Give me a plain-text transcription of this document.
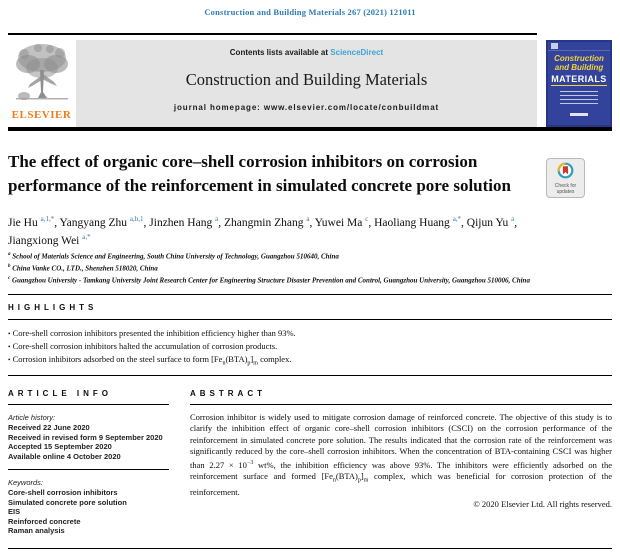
Construction and Building Materials 267 (2021) 121011
ELSEVIER
Contents lists available at ScienceDirect
Construction and Building Materials
journal homepage: www.elsevier.com/locate/conbuildmat
Construction
and Building
MATERIALS
The effect of organic core–shell corrosion inhibitors on corrosion performance of the reinforcement in simulated concrete pore solution	Check for
updates
Jie Hu $^{a,1,*}$, Yangyang Zhu $^{a,b,1}$, Jinzhen Hang $^a$, Zhangmin Zhang $^a$, Yuwei Ma $^c$, Haoliang Huang $^{a,*}$, Qijun Yu $^a$, Jiangxiong Wei $^{a,*}$
$^a$ School of Materials Science and Engineering, South China University of Technology, Guangzhou 510640, China
$^b$ China Vanke CO., LTD., Shenzhen 518020, China
$^c$ Guangzhou University - Tamkang University Joint Research Center for Engineering Structure Disaster Prevention and Control, Guangzhou University, Guangzhou 510006, China
HIGHLIGHTS
• Core-shell corrosion inhibitors presented the inhibition efficiency higher than 93%.
• Core-shell corrosion inhibitors halted the accumulation of corrosion products.
• Corrosion inhibitors adsorbed on the steel surface to form $[Fe_n(BTA)_p]_m$ complex.
ARTICLE INFO
Article history:
Received 22 June 2020
Received in revised form 9 September 2020
Accepted 15 September 2020
Available online 4 October 2020
Keywords:
Core-shell corrosion inhibitors
Simulated concrete pore solution
EIS
Reinforced concrete
Raman analysis
ABSTRACT
Corrosion inhibitor is widely used to mitigate corrosion damage of reinforced concrete. The objective of this study is to clarify the inhibition effect of organic core–shell corrosion inhibitors (CSCI) on the corrosion performance of the reinforcement in simulated concrete pore solution. The results indicated that the corrosion rate of the reinforcement was significantly reduced by the core–shell corrosion inhibitors. When the concentration of BTA-containing CSCI was higher than $2.27 \times 10^{-3}$ wt%, the inhibition efficiency was above 93%. The inhibitors were efficiently adsorbed on the reinforcement surface and formed $[Fe_n(BTA)_p]_m$ complex, which was beneficial for corrosion protection of the reinforcement.
© 2020 Elsevier Ltd. All rights reserved.
